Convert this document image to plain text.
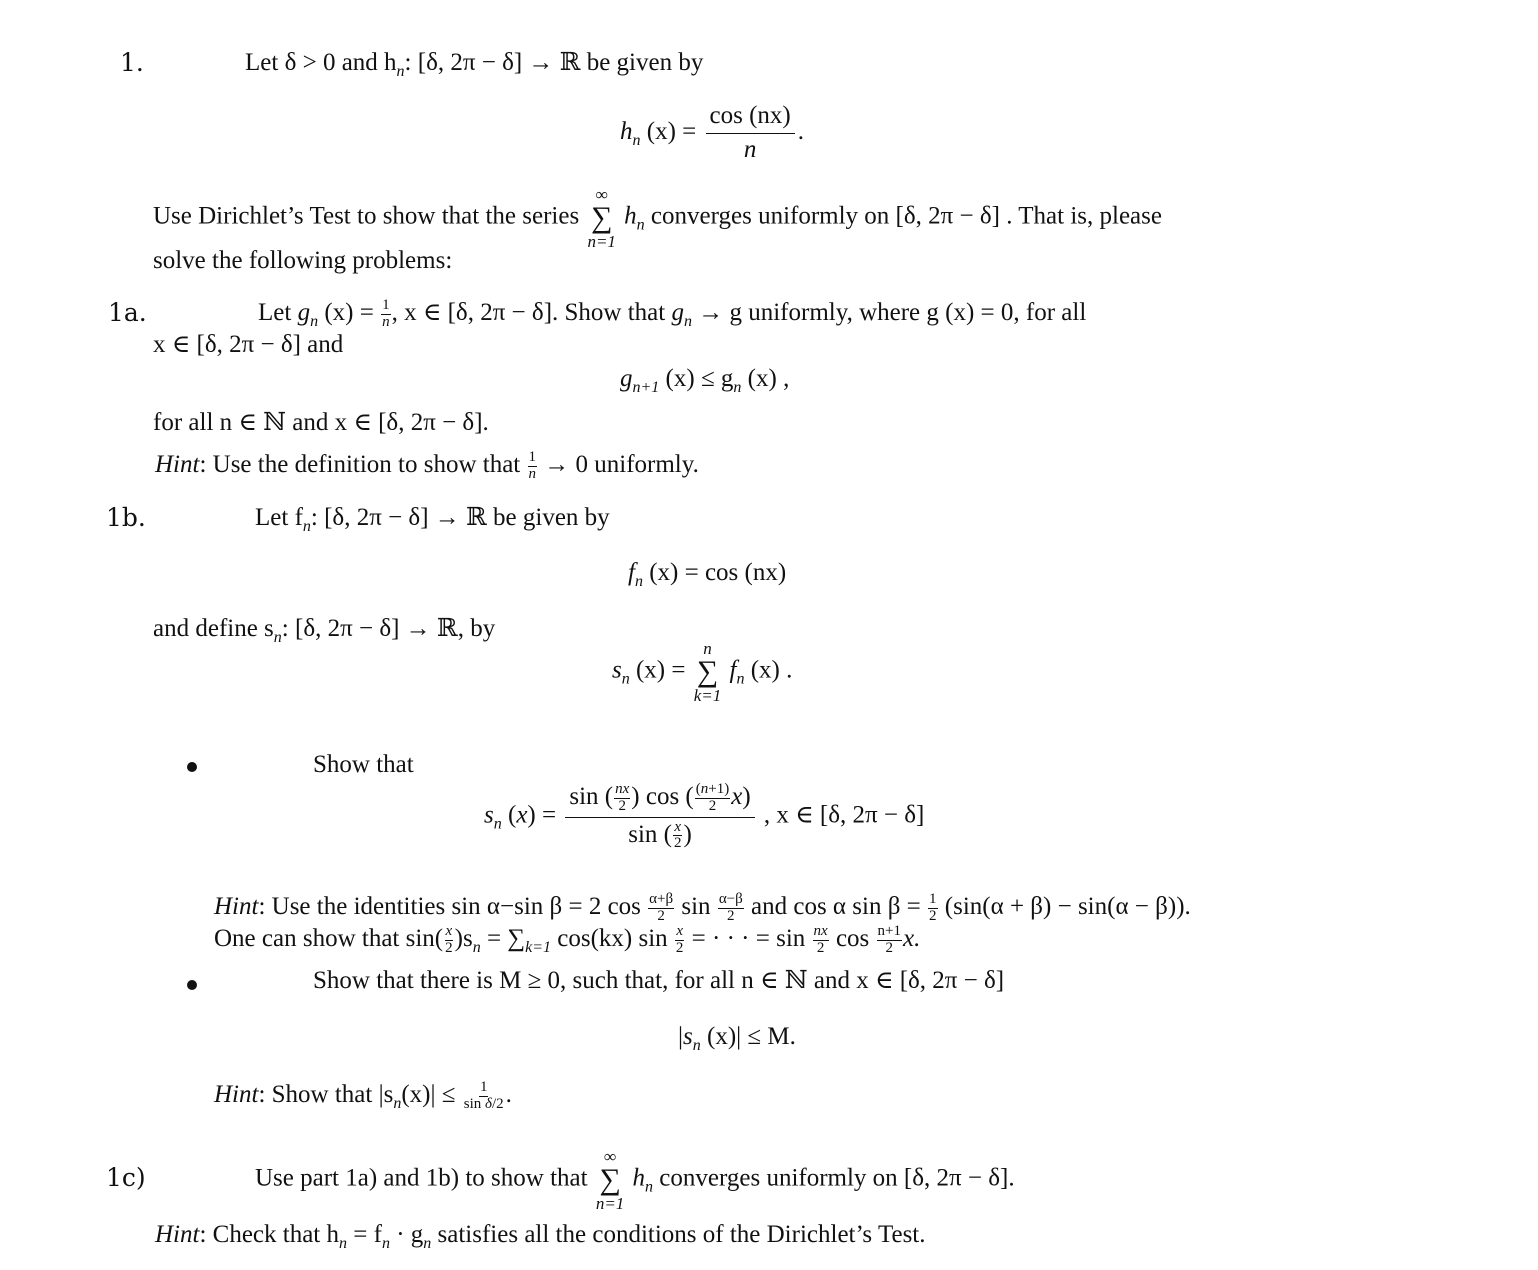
1.	Let δ > 0 and $h_n$: [δ, 2π − δ] → ℝ be given by
$h_n$ $(x) = \frac{\cos (nx)}{n}$ .
Use Dirichlet’s Test to show that the series
∞
∑
n=1
$h_n$ converges uniformly on [δ, 2π − δ] . That is, please
solve the following problems:
1a.	Let $g_n$ $(x) = \frac{1}{n}$ , x ∈ [δ, 2π − δ]. Show that $g_n \to g$ uniformly, where g (x) = 0, for all
x ∈ [δ, 2π − δ] and
$g_{n+1}$ $(x) \le g_n$ (x) ,
for all n ∈ ℕ and x ∈ [δ, 2π − δ].
Hint: Use the definition to show that $\frac{1}{n} \to 0$ uniformly.
1b.	Let $f_n$: [δ, 2π − δ] → ℝ be given by
$f_n$ (x) = cos (nx)
and define $s_n$: [δ, 2π − δ] → ℝ, by
$s_n$ (x) =
n
∑
k=1
$f_n$ (x) .
Show that
$s_n$ $(x) = \frac{\sin ( \frac{nx}{2} ) \cos ( \frac{(n+1)}{2} x)}{\sin ( \frac{x}{2} )}$ , x ∈ [δ, 2π − δ]
Hint: Use the identities sin α−sin β = 2 $\cos \frac{\alpha+\beta}{2}$ $\sin \frac{\alpha-\beta}{2}$ and cos α $\sin \beta = \frac{1}{2} (\sin(\alpha + \beta) - \sin(\alpha - \beta))$.
One can show that $\sin( \frac{x}{2} )s_n = \sum_{k=1}$ cos(kx) $\sin \frac{x}{2}$ = · · · = $\sin \frac{nx}{2}$ $\cos \frac{n+1}{2} x$.
Show that there is M ≥ 0, such that, for all n ∈ ℕ and x ∈ [δ, 2π − δ]
$|s_n$ (x)| ≤ M.
Hint: Show that $|s_n(x)| \le \frac{1}{\text{sin δ/2}}$ .
1c)	Use part 1a) and 1b) to show that
∞
∑
n=1
$h_n$ converges uniformly on [δ, 2π − δ].
Hint: Check that $h_n = f_n \cdot g_n$ satisfies all the conditions of the Dirichlet’s Test.
